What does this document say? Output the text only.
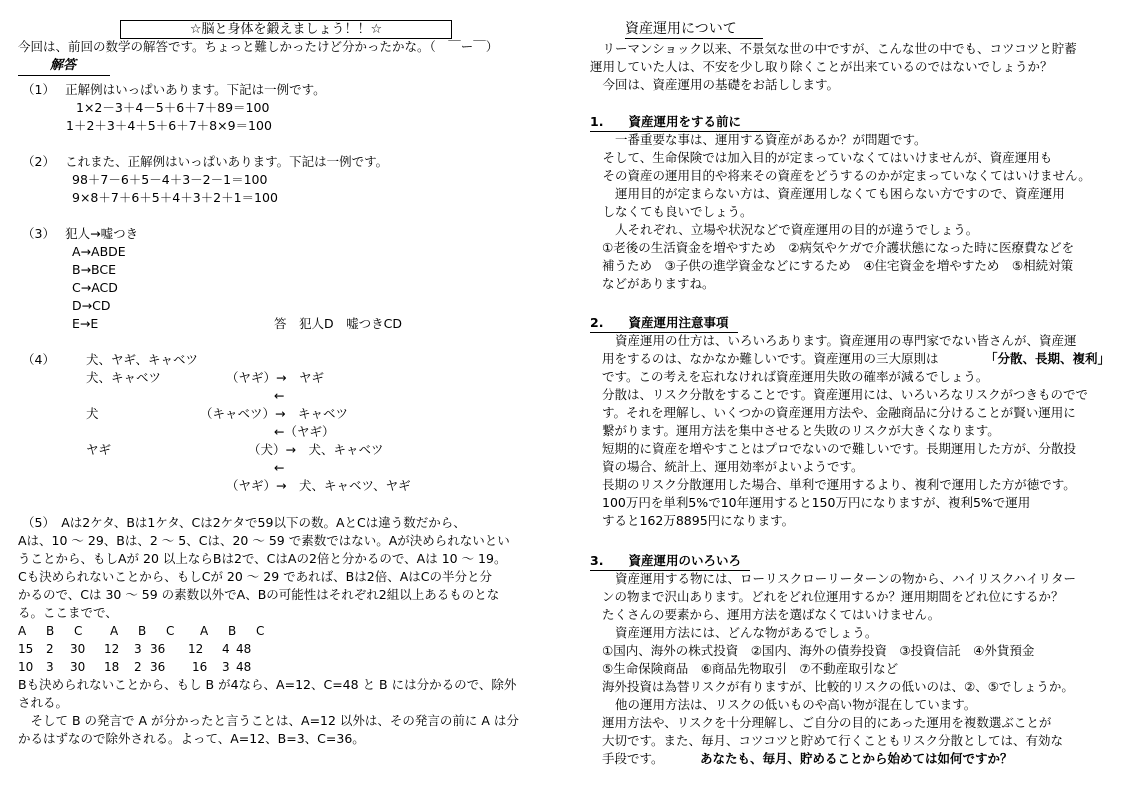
☆脳と身体を鍛えましょう！！☆
今回は、前回の数学の解答です。ちょっと難しかったけど分かったかな。（　￣ー￣）
解答
（1）　 正解例はいっぱいあります。下記は一例です。
1×2－3＋4－5＋6＋7＋89＝100
1＋2＋3＋4＋5＋6＋7＋8×9＝100
（2）　 これまた、正解例はいっぱいあります。下記は一例です。
98＋7－6＋5－4＋3－2－1＝100
9×8＋7＋6＋5＋4＋3＋2＋1＝100
（3）　 犯人→嘘つき
A→ABDE
B→BCE
C→ACD
D→CD
E→E	答　犯人D　嘘つきCD
（4） 犬、ヤギ、キャベツ
犬、キャベツ	（ヤギ）→　ヤギ
←
犬	（キャベツ）→　キャベツ
←（ヤギ）
ヤギ	（犬）→　犬、キャベツ
←
（ヤギ）→　犬、キャベツ、ヤギ
（5）　Aは2ケタ、Bは1ケタ、Cは2ケタで59以下の数。AとCは違う数だから、
Aは、10 ～ 29、Bは、2 ～ 5、Cは、20 ～ 59 で素数ではない。Aが決められないとい
うことから、もしAが 20 以上ならBは2で、CはAの2倍と分かるので、Aは 10 ～ 19。
Cも決められないことから、もしCが 20 ～ 29 であれば、Bは2倍、AはCの半分と分
かるので、Cは 30 ～ 59 の素数以外でA、Bの可能性はそれぞれ2組以上あるものとな
る。ここまでで、
A B C A B C A B C
15 2 30 12 3 36 12 4 48
10 3 30 18 2 36 16 3 48
Bも決められないことから、もし B が4なら、A=12、C=48 と B には分かるので、除外
される。
　そして B の発言で A が分かったと言うことは、A=12 以外は、その発言の前に A は分
かるはずなので除外される。よって、A=12、B=3、C=36。
資産運用について
　リーマンショック以来、不景気な世の中ですが、こんな世の中でも、コツコツと貯蓄
運用していた人は、不安を少し取り除くことが出来ているのではないでしょうか？
　今回は、資産運用の基礎をお話しします。
1.　　資産運用をする前に
　　一番重要な事は、運用する資産があるか？が問題です。
　そして、生命保険では加入目的が定まっていなくてはいけませんが、資産運用も
　その資産の運用目的や将来その資産をどうするのかが定まっていなくてはいけません。
　　運用目的が定まらない方は、資産運用しなくても困らない方ですので、資産運用
　しなくても良いでしょう。
　　人それぞれ、立場や状況などで資産運用の目的が違うでしょう。
①老後の生活資金を増やすため　②病気やケガで介護状態になった時に医療費などを
補うため　③子供の進学資金などにするため　④住宅資金を増やすため　⑤相続対策
などがありますね。
2.　　資産運用注意事項
　　資産運用の仕方は、いろいろあります。資産運用の専門家でない皆さんが、資産運
用をするのは、なかなか難しいです。資産運用の三大原則は	「分散、長期、複利」
です。この考えを忘れなければ資産運用失敗の確率が減るでしょう。
分散は、リスク分散をすることです。資産運用には、いろいろなリスクがつきものでで
す。それを理解し、いくつかの資産運用方法や、金融商品に分けることが賢い運用に
繋がります。運用方法を集中させると失敗のリスクが大きくなります。
短期的に資産を増やすことはプロでないので難しいです。長期運用した方が、分散投
資の場合、統計上、運用効率がよいようです。
長期のリスク分散運用した場合、単利で運用するより、複利で運用した方が徳です。
100万円を単利5%で10年運用すると150万円になりますが、複利5%で運用
すると162万8895円になります。
3.　　資産運用のいろいろ
　　資産運用する物には、ローリスクローリーターンの物から、ハイリスクハイリター
ンの物まで沢山あります。どれをどれ位運用するか？運用期間をどれ位にするか？
たくさんの要素から、運用方法を選ばなくてはいけません。
　　資産運用方法には、どんな物があるでしょう。
①国内、海外の株式投資　②国内、海外の債券投資　③投資信託　④外貨預金
⑤生命保険商品　⑥商品先物取引　⑦不動産取引など
海外投資は為替リスクが有りますが、比較的リスクの低いのは、②、⑤でしょうか。
　　他の運用方法は、リスクの低いものや高い物が混在しています。
運用方法や、リスクを十分理解し、ご自分の目的にあった運用を複数選ぶことが
大切です。また、毎月、コツコツと貯めて行くこともリスク分散としては、有効な
手段です。	あなたも、毎月、貯めることから始めては如何ですか？
